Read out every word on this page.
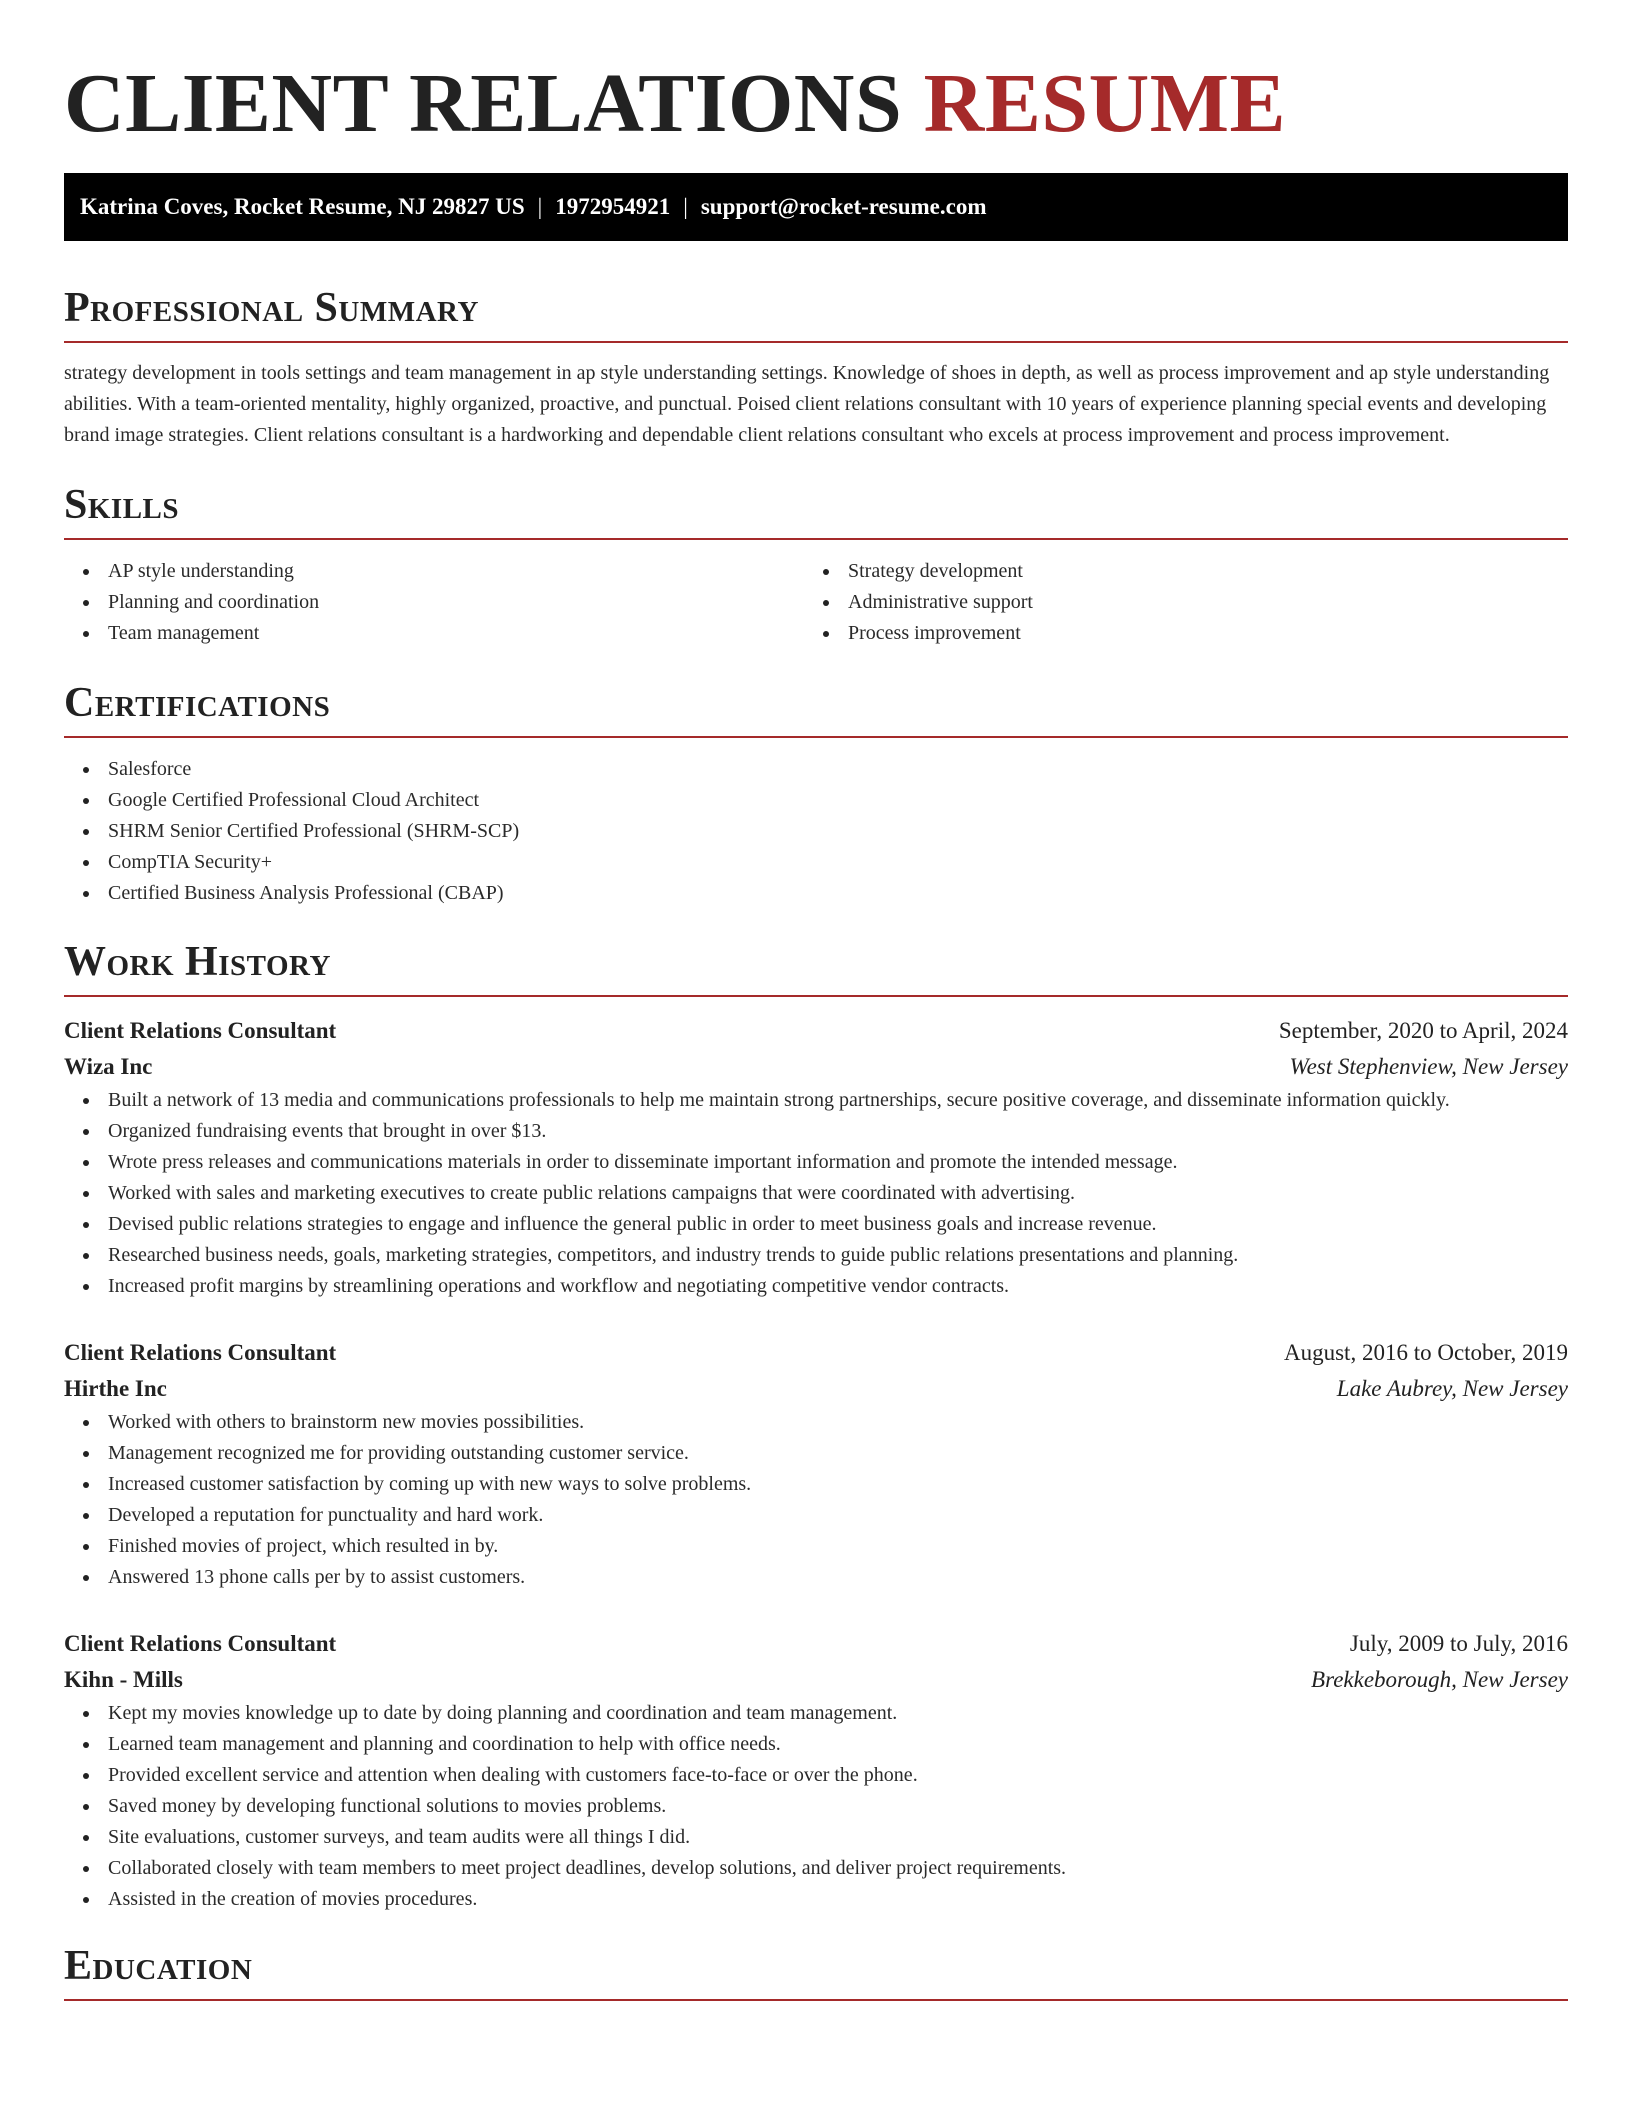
CLIENT RELATIONS RESUME
Katrina Coves, Rocket Resume, NJ 29827 US | 1972954921 | support@rocket-resume.com
Professional Summary

strategy development in tools settings and team management in ap style understanding settings. Knowledge of shoes in depth, as well as process improvement and ap style understanding abilities. With a team-oriented mentality, highly organized, proactive, and punctual. Poised client relations consultant with 10 years of experience planning special events and developing brand image strategies. Client relations consultant is a hardworking and dependable client relations consultant who excels at process improvement and process improvement.

Skills
AP style understanding
Planning and coordination
Team management
Strategy development
Administrative support
Process improvement
Certifications
Salesforce
Google Certified Professional Cloud Architect
SHRM Senior Certified Professional (SHRM-SCP)
CompTIA Security+
Certified Business Analysis Professional (CBAP)
Work History
Client Relations Consultant	September, 2020 to April, 2024
Wiza Inc	West Stephenview, New Jersey
Built a network of 13 media and communications professionals to help me maintain strong partnerships, secure positive coverage, and disseminate information quickly.
Organized fundraising events that brought in over $13.
Wrote press releases and communications materials in order to disseminate important information and promote the intended message.
Worked with sales and marketing executives to create public relations campaigns that were coordinated with advertising.
Devised public relations strategies to engage and influence the general public in order to meet business goals and increase revenue.
Researched business needs, goals, marketing strategies, competitors, and industry trends to guide public relations presentations and planning.
Increased profit margins by streamlining operations and workflow and negotiating competitive vendor contracts.
Client Relations Consultant	August, 2016 to October, 2019
Hirthe Inc	Lake Aubrey, New Jersey
Worked with others to brainstorm new movies possibilities.
Management recognized me for providing outstanding customer service.
Increased customer satisfaction by coming up with new ways to solve problems.
Developed a reputation for punctuality and hard work.
Finished movies of project, which resulted in by.
Answered 13 phone calls per by to assist customers.
Client Relations Consultant	July, 2009 to July, 2016
Kihn - Mills	Brekkeborough, New Jersey
Kept my movies knowledge up to date by doing planning and coordination and team management.
Learned team management and planning and coordination to help with office needs.
Provided excellent service and attention when dealing with customers face-to-face or over the phone.
Saved money by developing functional solutions to movies problems.
Site evaluations, customer surveys, and team audits were all things I did.
Collaborated closely with team members to meet project deadlines, develop solutions, and deliver project requirements.
Assisted in the creation of movies procedures.
Education
